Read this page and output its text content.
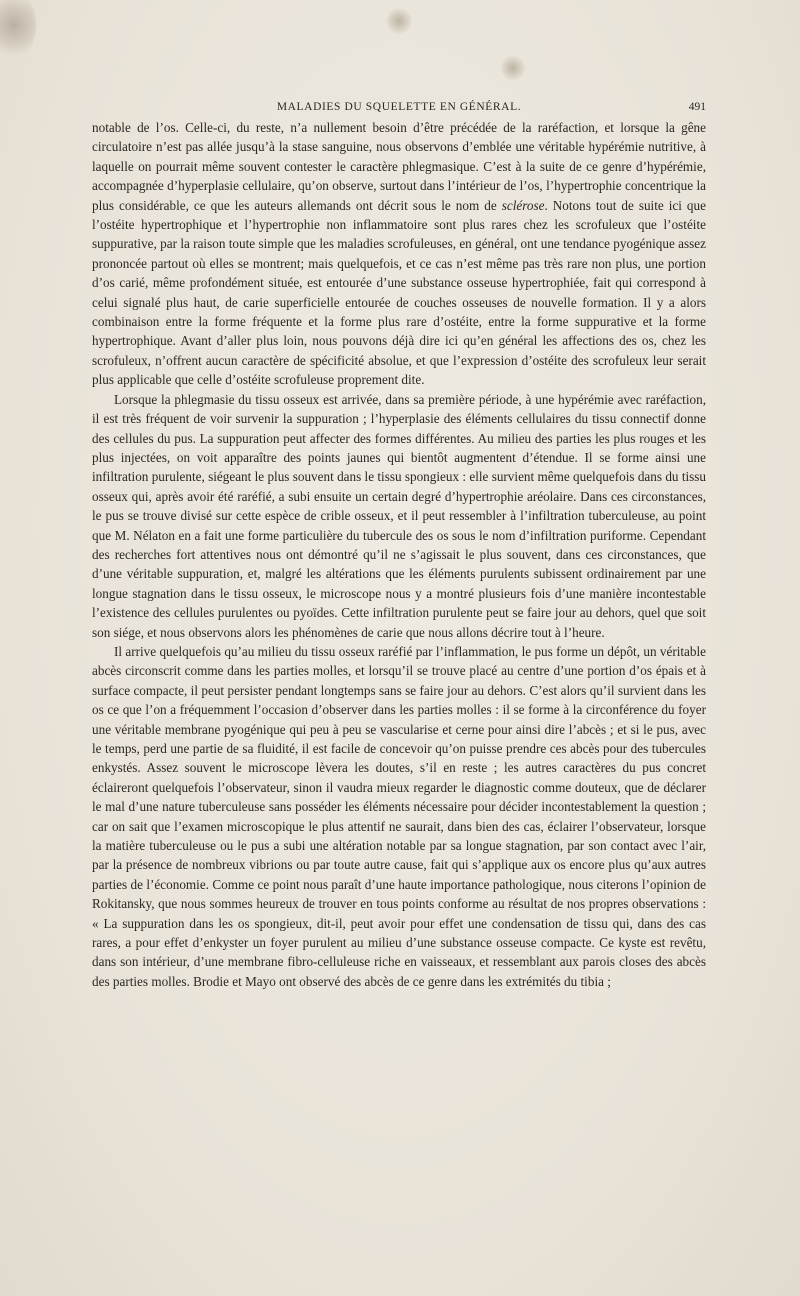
MALADIES DU SQUELETTE EN GÉNÉRAL.	491

notable de l’os. Celle-ci, du reste, n’a nullement besoin d’être précédée de la raréfaction, et lorsque la gêne circulatoire n’est pas allée jusqu’à la stase sanguine, nous observons d’emblée une véritable hypérémie nutritive, à laquelle on pourrait même souvent contester le caractère phlegmasique. C’est à la suite de ce genre d’hypérémie, accompagnée d’hyperplasie cellulaire, qu’on observe, surtout dans l’intérieur de l’os, l’hypertrophie concentrique la plus considérable, ce que les auteurs allemands ont décrit sous le nom de sclérose. Notons tout de suite ici que l’ostéite hypertrophique et l’hypertrophie non inflammatoire sont plus rares chez les scrofuleux que l’ostéite suppurative, par la raison toute simple que les maladies scrofuleuses, en général, ont une tendance pyogénique assez prononcée partout où elles se montrent; mais quelquefois, et ce cas n’est même pas très rare non plus, une portion d’os carié, même profondément située, est entourée d’une substance osseuse hypertrophiée, fait qui correspond à celui signalé plus haut, de carie superficielle entourée de couches osseuses de nouvelle formation. Il y a alors combinaison entre la forme fréquente et la forme plus rare d’ostéite, entre la forme suppurative et la forme hypertrophique. Avant d’aller plus loin, nous pouvons déjà dire ici qu’en général les affections des os, chez les scrofuleux, n’offrent aucun caractère de spécificité absolue, et que l’expression d’ostéite des scrofuleux leur serait plus applicable que celle d’ostéite scrofuleuse proprement dite.

Lorsque la phlegmasie du tissu osseux est arrivée, dans sa première période, à une hypérémie avec raréfaction, il est très fréquent de voir survenir la suppuration ; l’hyperplasie des éléments cellulaires du tissu connectif donne des cellules du pus. La suppuration peut affecter des formes différentes. Au milieu des parties les plus rouges et les plus injectées, on voit apparaître des points jaunes qui bientôt augmentent d’étendue. Il se forme ainsi une infiltration purulente, siégeant le plus souvent dans le tissu spongieux : elle survient même quelquefois dans du tissu osseux qui, après avoir été raréfié, a subi ensuite un certain degré d’hypertrophie aréolaire. Dans ces circonstances, le pus se trouve divisé sur cette espèce de crible osseux, et il peut ressembler à l’infiltration tuberculeuse, au point que M. Nélaton en a fait une forme particulière du tubercule des os sous le nom d’infiltration puriforme. Cependant des recherches fort attentives nous ont démontré qu’il ne s’agissait le plus souvent, dans ces circonstances, que d’une véritable suppuration, et, malgré les altérations que les éléments purulents subissent ordinairement par une longue stagnation dans le tissu osseux, le microscope nous y a montré plusieurs fois d’une manière incontestable l’existence des cellules purulentes ou pyoïdes. Cette infiltration purulente peut se faire jour au dehors, quel que soit son siége, et nous observons alors les phénomènes de carie que nous allons décrire tout à l’heure.

Il arrive quelquefois qu’au milieu du tissu osseux raréfié par l’inflammation, le pus forme un dépôt, un véritable abcès circonscrit comme dans les parties molles, et lorsqu’il se trouve placé au centre d’une portion d’os épais et à surface compacte, il peut persister pendant longtemps sans se faire jour au dehors. C’est alors qu’il survient dans les os ce que l’on a fréquemment l’occasion d’observer dans les parties molles : il se forme à la circonférence du foyer une véritable membrane pyogénique qui peu à peu se vascularise et cerne pour ainsi dire l’abcès ; et si le pus, avec le temps, perd une partie de sa fluidité, il est facile de concevoir qu’on puisse prendre ces abcès pour des tubercules enkystés. Assez souvent le microscope lèvera les doutes, s’il en reste ; les autres caractères du pus concret éclaireront quelquefois l’observateur, sinon il vaudra mieux regarder le diagnostic comme douteux, que de déclarer le mal d’une nature tuberculeuse sans posséder les éléments nécessaire pour décider incontestablement la question ; car on sait que l’examen microscopique le plus attentif ne saurait, dans bien des cas, éclairer l’observateur, lorsque la matière tuberculeuse ou le pus a subi une altération notable par sa longue stagnation, par son contact avec l’air, par la présence de nombreux vibrions ou par toute autre cause, fait qui s’applique aux os encore plus qu’aux autres parties de l’économie. Comme ce point nous paraît d’une haute importance pathologique, nous citerons l’opinion de Rokitansky, que nous sommes heureux de trouver en tous points conforme au résultat de nos propres observations : « La suppuration dans les os spongieux, dit-il, peut avoir pour effet une condensation de tissu qui, dans des cas rares, a pour effet d’enkyster un foyer purulent au milieu d’une substance osseuse compacte. Ce kyste est revêtu, dans son intérieur, d’une membrane fibro-celluleuse riche en vaisseaux, et ressemblant aux parois closes des abcès des parties molles. Brodie et Mayo ont observé des abcès de ce genre dans les extrémités du tibia ;
